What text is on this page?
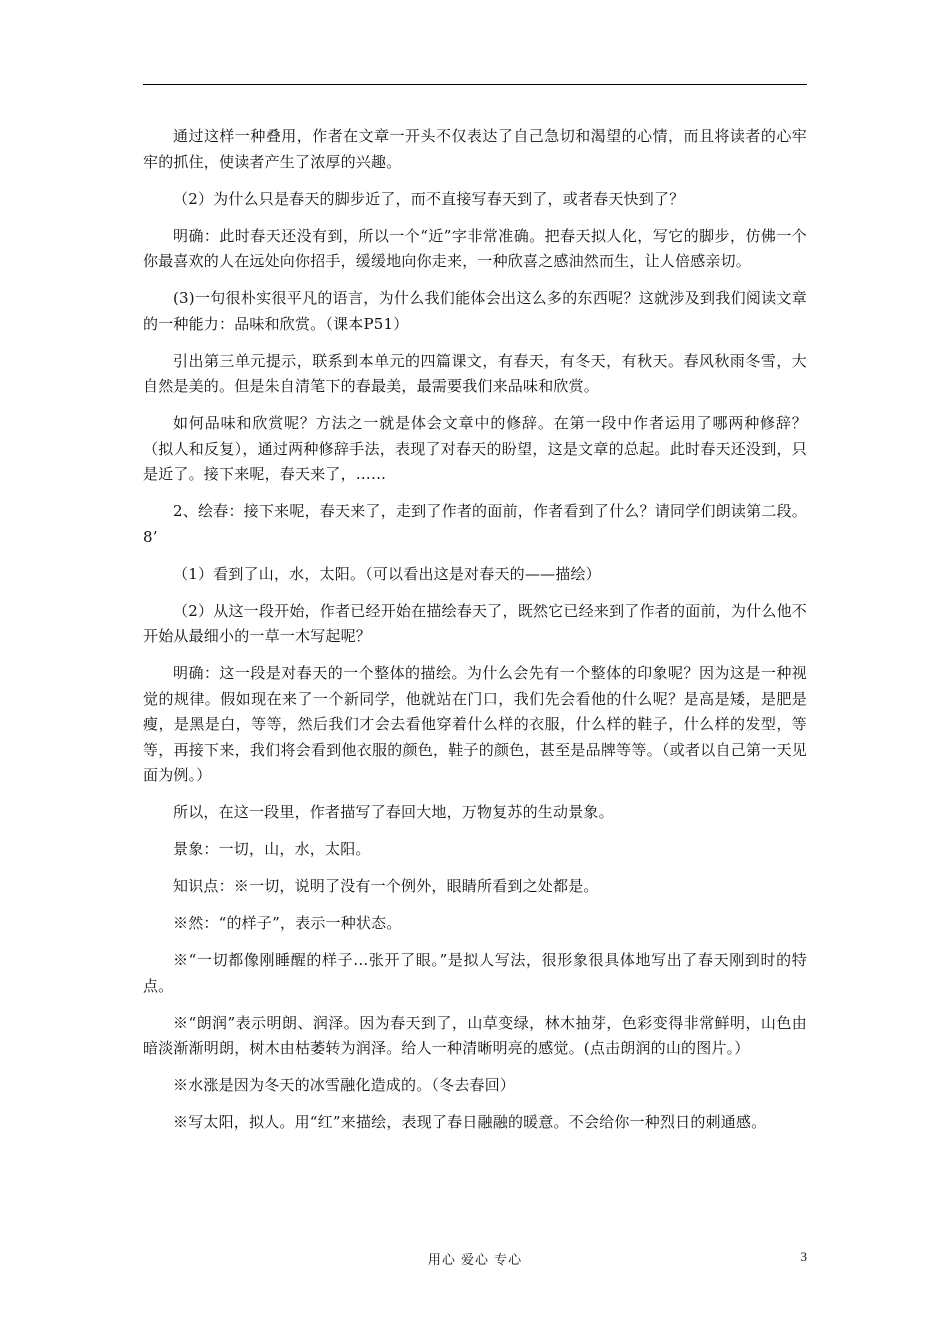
通过这样一种叠用，作者在文章一开头不仅表达了自己急切和渴望的心情，而且将读者的心牢牢的抓住，使读者产生了浓厚的兴趣。

（2）为什么只是春天的脚步近了，而不直接写春天到了，或者春天快到了？

明确：此时春天还没有到，所以一个“近”字非常准确。把春天拟人化，写它的脚步，仿佛一个你最喜欢的人在远处向你招手，缓缓地向你走来，一种欣喜之感油然而生，让人倍感亲切。

(3)一句很朴实很平凡的语言，为什么我们能体会出这么多的东西呢？这就涉及到我们阅读文章的一种能力：品味和欣赏。（课本P51）

引出第三单元提示，联系到本单元的四篇课文，有春天，有冬天，有秋天。春风秋雨冬雪，大自然是美的。但是朱自清笔下的春最美，最需要我们来品味和欣赏。

如何品味和欣赏呢？方法之一就是体会文章中的修辞。在第一段中作者运用了哪两种修辞？（拟人和反复），通过两种修辞手法，表现了对春天的盼望，这是文章的总起。此时春天还没到，只是近了。接下来呢，春天来了，……

2、绘春：接下来呢，春天来了，走到了作者的面前，作者看到了什么？请同学们朗读第二段。8’

（1）看到了山，水，太阳。（可以看出这是对春天的——描绘）

（2）从这一段开始，作者已经开始在描绘春天了，既然它已经来到了作者的面前，为什么他不开始从最细小的一草一木写起呢？

明确：这一段是对春天的一个整体的描绘。为什么会先有一个整体的印象呢？因为这是一种视觉的规律。假如现在来了一个新同学，他就站在门口，我们先会看他的什么呢？是高是矮，是肥是瘦，是黑是白，等等，然后我们才会去看他穿着什么样的衣服，什么样的鞋子，什么样的发型，等等，再接下来，我们将会看到他衣服的颜色，鞋子的颜色，甚至是品牌等等。（或者以自己第一天见面为例。）

所以，在这一段里，作者描写了春回大地，万物复苏的生动景象。

景象：一切，山，水，太阳。

知识点：※一切，说明了没有一个例外，眼睛所看到之处都是。

※然：“的样子”，表示一种状态。

※“一切都像刚睡醒的样子…张开了眼。”是拟人写法，很形象很具体地写出了春天刚到时的特点。

※“朗润”表示明朗、润泽。因为春天到了，山草变绿，林木抽芽，色彩变得非常鲜明，山色由暗淡渐渐明朗，树木由枯萎转为润泽。给人一种清晰明亮的感觉。(点击朗润的山的图片。）

※水涨是因为冬天的冰雪融化造成的。（冬去春回）

※写太阳，拟人。用“红”来描绘，表现了春日融融的暖意。不会给你一种烈日的刺通感。

用心 爱心 专心	3
